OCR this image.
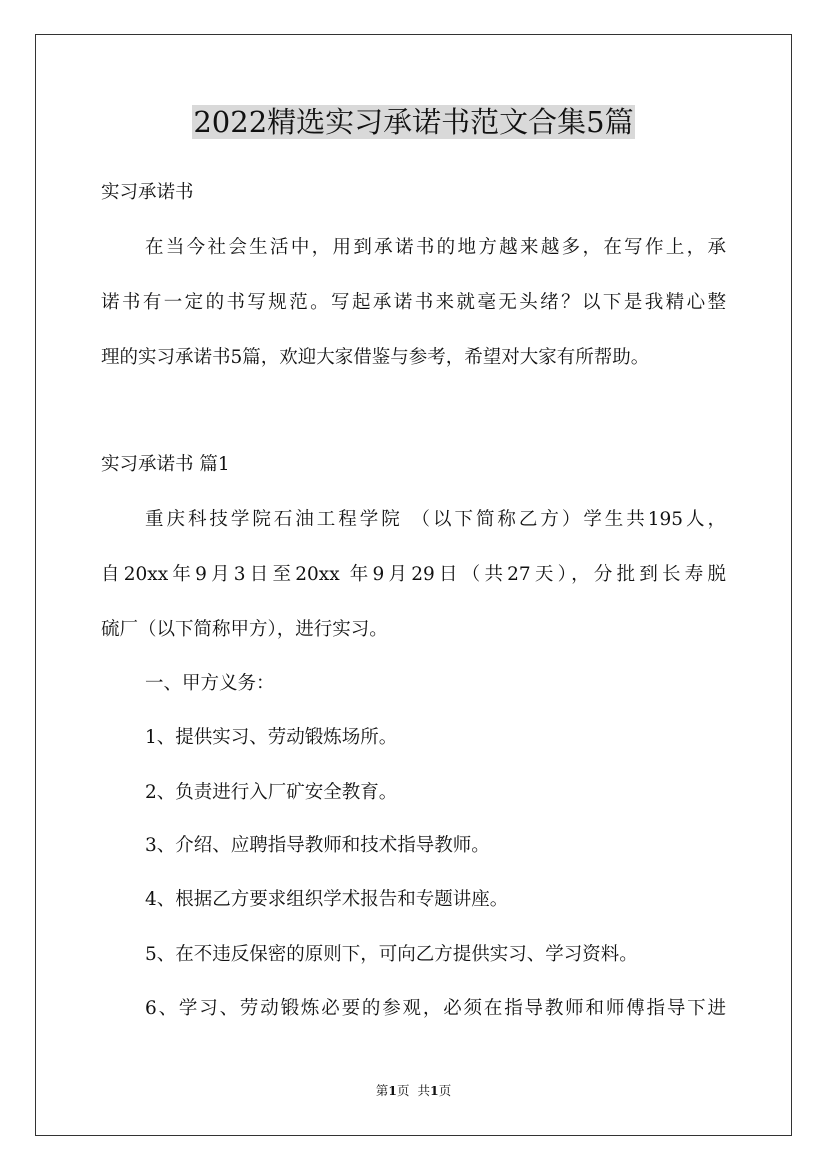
2022精选实习承诺书范文合集5篇
实习承诺书
在当今社会生活中，用到承诺书的地方越来越多，在写作上，承
诺书有一定的书写规范。写起承诺书来就毫无头绪？以下是我精心整
理的实习承诺书5篇，欢迎大家借鉴与参考，希望对大家有所帮助。
实习承诺书 篇1
重庆科技学院石油工程学院 （以下简称乙方）学生共195人，
自20xx年9月3日至20xx 年9月29日（共27天），分批到长寿脱
硫厂（以下简称甲方），进行实习。
一、甲方义务：
1、提供实习、劳动锻炼场所。
2、负责进行入厂矿安全教育。
3、介绍、应聘指导教师和技术指导教师。
4、根据乙方要求组织学术报告和专题讲座。
5、在不违反保密的原则下，可向乙方提供实习、学习资料。
6、学习、劳动锻炼必要的参观，必须在指导教师和师傅指导下进
第1页 共1页
